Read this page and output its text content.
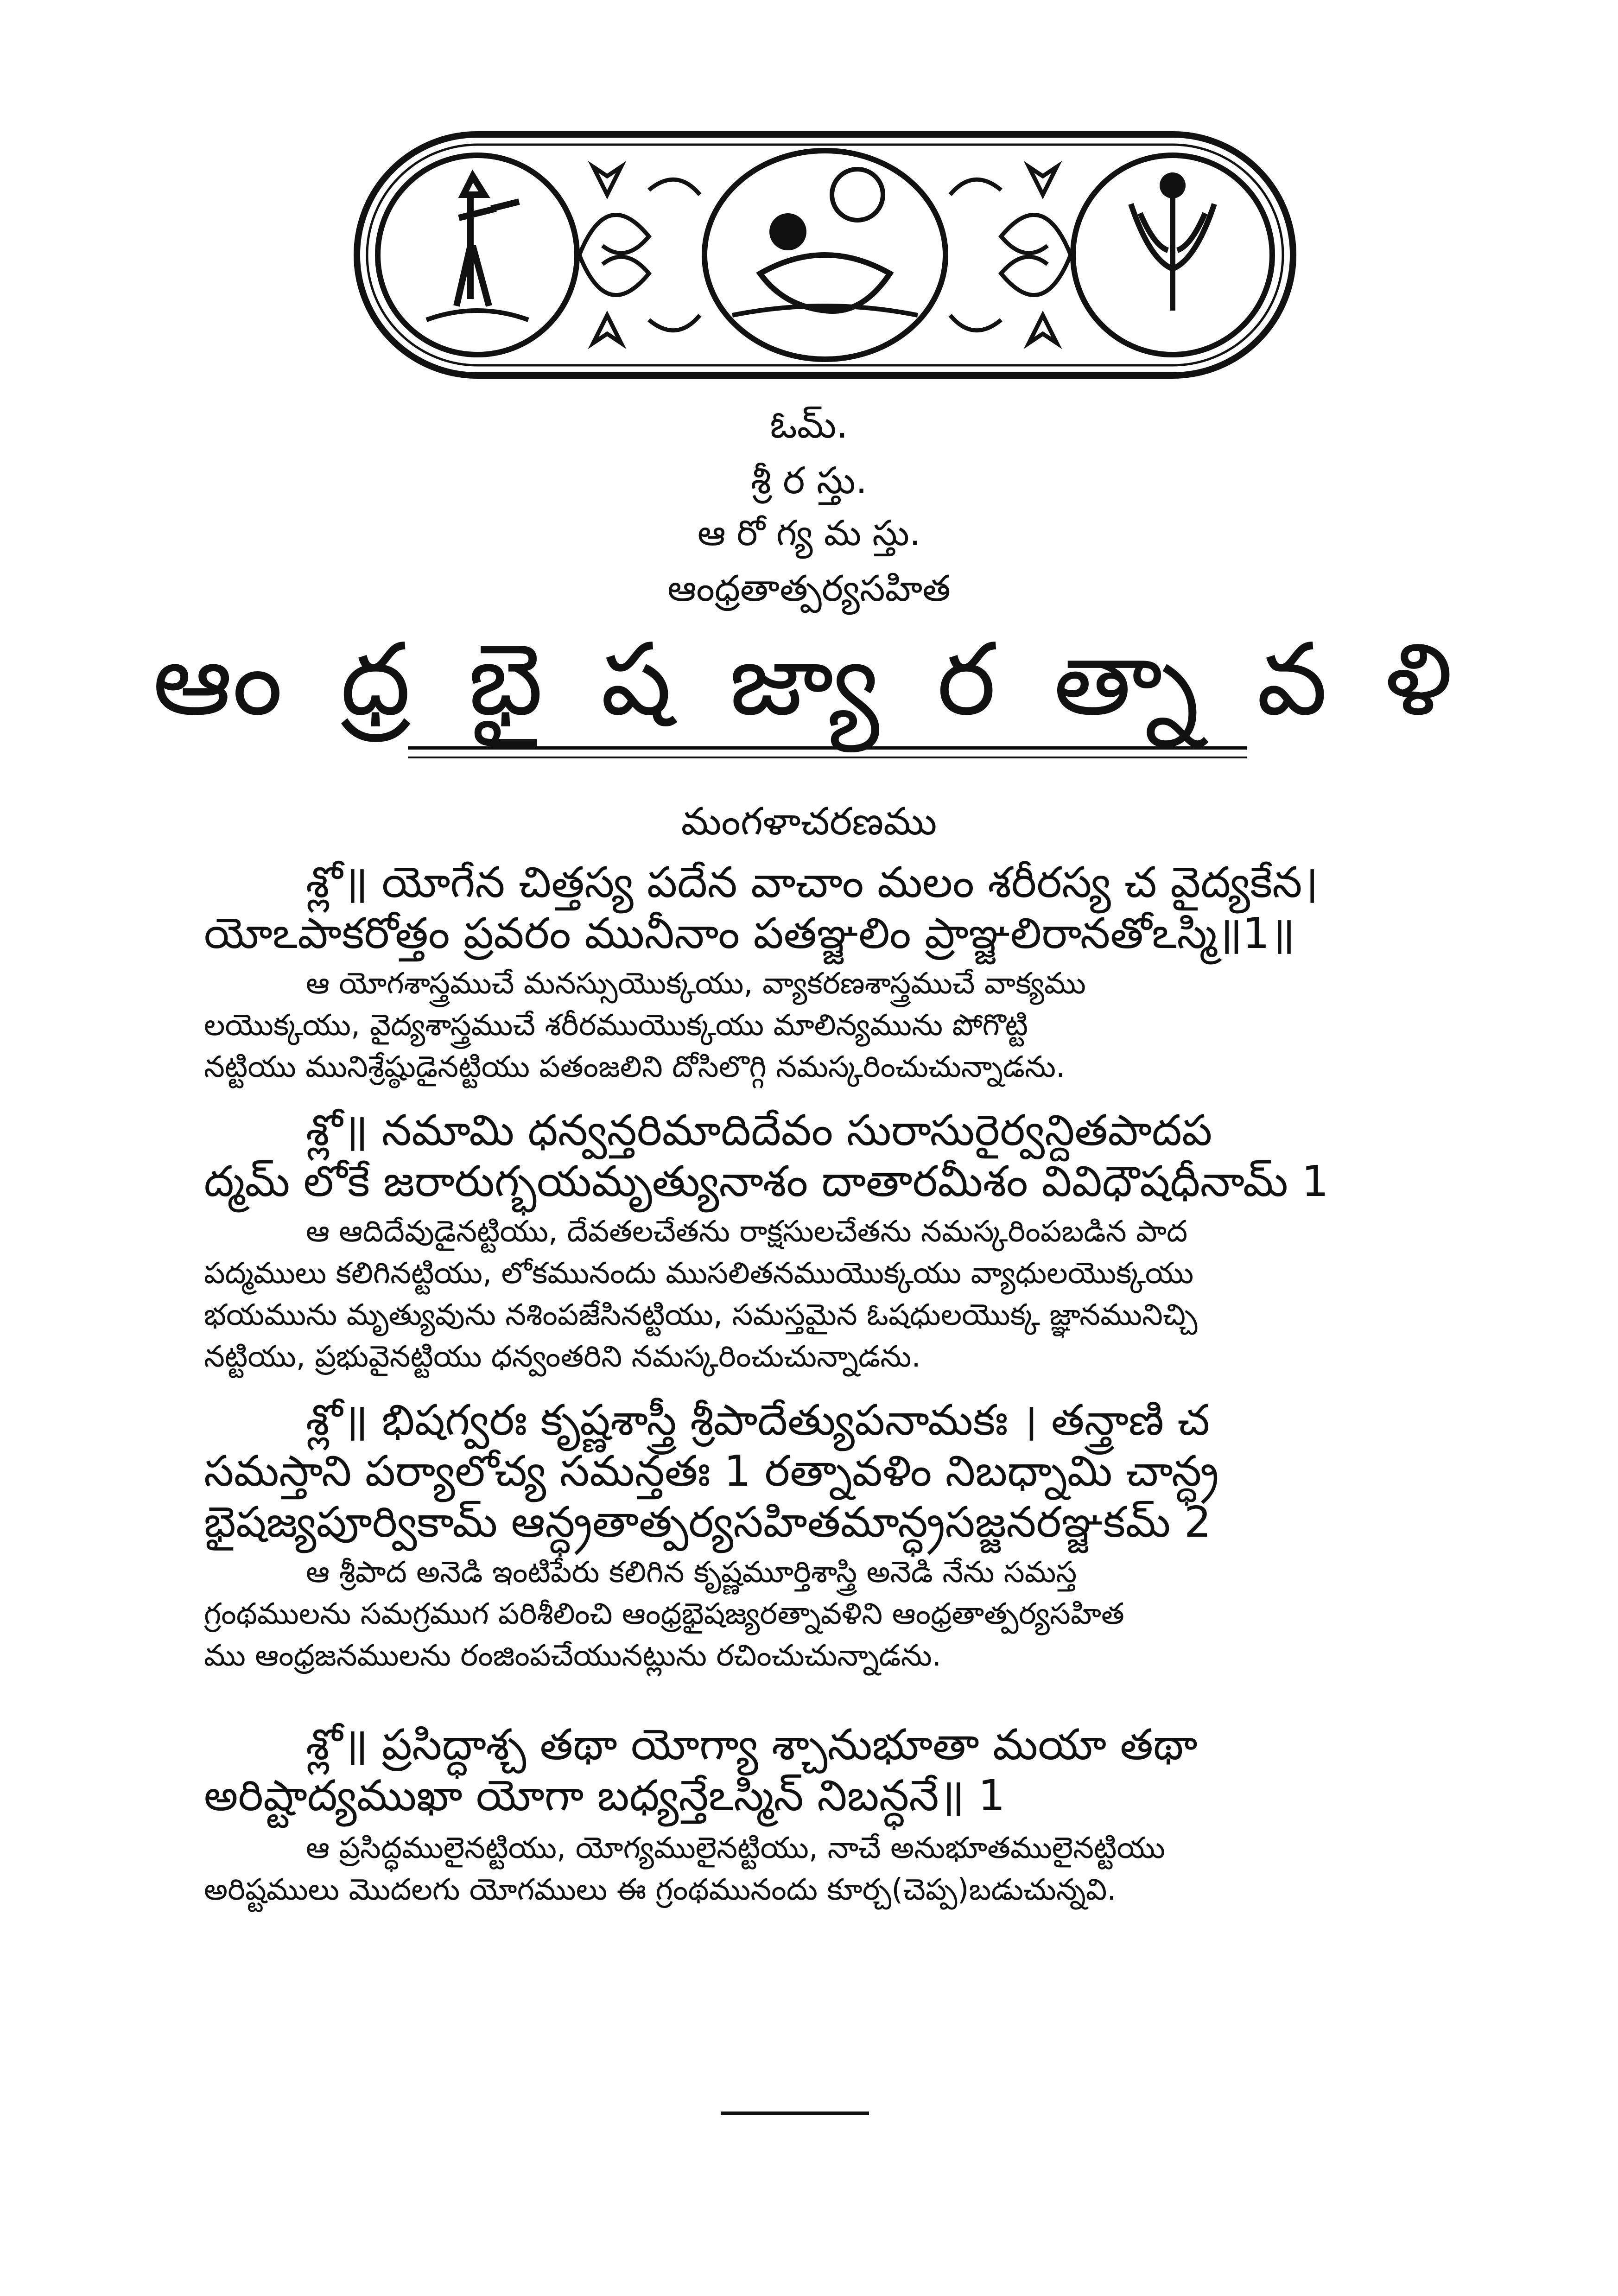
ఓమ్.
శ్రీ ర స్తు.
ఆ రో గ్య మ స్తు.
ఆంధ్రతాత్పర్యసహిత
ఆం ధ్ర భై ష జ్యా ర త్నా వ ళి
మంగళాచరణము
శ్లో॥ యోగేన చిత్తస్య పదేన వాచాం మలం శరీరస్య చ వైద్యకేన।
యోఽపాకరోత్తం ప్రవరం మునీనాం పతఞ్జలిం ప్రాఞ్జలిరానతోఽస్మి॥1॥
ఆ యోగశాస్త్రముచే మనస్సుయొక్కయు, వ్యాకరణశాస్త్రముచే వాక్యము
లయొక్కయు, వైద్యశాస్త్రముచే శరీరముయొక్కయు మాలిన్యమును పోగొట్టి
నట్టియు మునిశ్రేష్ఠుడైనట్టియు పతంజలిని దోసిలొగ్గి నమస్కరించుచున్నాడను.
శ్లో॥ నమామి ధన్వన్తరిమాదిదేవం సురాసురైర్వన్దితపాదప
ద్మమ్ లోకే జరారుగ్భయమృత్యునాశం దాతారమీశం వివిధౌషధీనామ్ 1
ఆ ఆదిదేవుడైనట్టియు, దేవతలచేతను రాక్షసులచేతను నమస్కరింపబడిన పాద
పద్మములు కలిగినట్టియు, లోకమునందు ముసలితనముయొక్కయు వ్యాధులయొక్కయు
భయమును మృత్యువును నశింపజేసినట్టియు, సమస్తమైన ఓషధులయొక్క జ్ఞానమునిచ్చి
నట్టియు, ప్రభువైనట్టియు ధన్వంతరిని నమస్కరించుచున్నాడను.
శ్లో॥ భిషగ్వరః కృష్ణశాస్త్రీ శ్రీపాదేత్యుపనామకః । తన్త్రాణి చ
సమస్తాని పర్యాలోచ్య సమన్తతః 1 రత్నావళిం నిబధ్నామి చాన్ధ్ర
భైషజ్యపూర్వికామ్ ఆన్ధ్రతాత్పర్యసహితమాన్ధ్రసజ్జనరఞ్జకమ్ 2
ఆ శ్రీపాద అనెడి ఇంటిపేరు కలిగిన కృష్ణమూర్తిశాస్త్రి అనెడి నేను సమస్త
గ్రంథములను సమగ్రముగ పరిశీలించి ఆంధ్రభైషజ్యరత్నావళిని ఆంధ్రతాత్పర్యసహిత
ము ఆంధ్రజనములను రంజింపచేయునట్లును రచించుచున్నాడను.
శ్లో॥ ప్రసిద్ధాశ్చ తథా యోగ్యా శ్చానుభూతా మయా తథా
అరిష్టాద్యముఖా యోగా బధ్యన్తేఽస్మిన్ నిబన్ధనే॥ 1
ఆ ప్రసిద్ధములైనట్టియు, యోగ్యములైనట్టియు, నాచే అనుభూతములైనట్టియు
అరిష్టములు మొదలగు యోగములు ఈ గ్రంథమునందు కూర్చ(చెప్ప)బడుచున్నవి.
